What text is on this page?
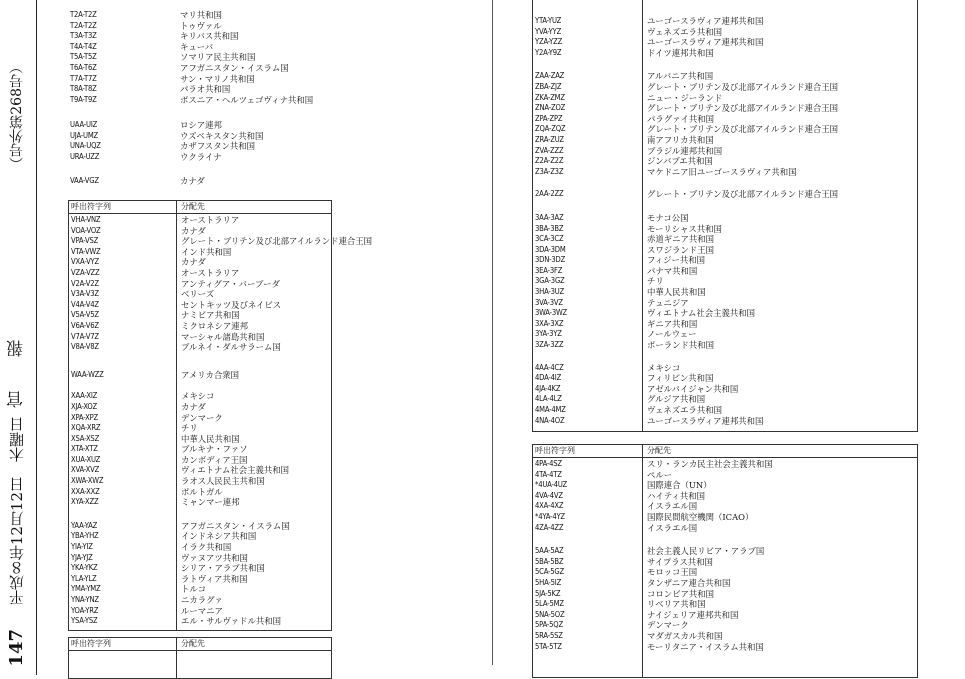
（号外第268号）
官　　報
平成８年12月12日　木曜日
147
T2A-T2Z	マリ共和国
T2A-T2Z	トゥヴァル
T3A-T3Z	キリバス共和国
T4A-T4Z	キューバ
T5A-T5Z	ソマリア民主共和国
T6A-T6Z	アフガニスタン・イスラム国
T7A-T7Z	サン・マリノ共和国
T8A-T8Z	パラオ共和国
T9A-T9Z	ボスニア・ヘルツェゴヴィナ共和国
UAA-UIZ	ロシア連邦
UJA-UMZ	ウズベキスタン共和国
UNA-UQZ	カザフスタン共和国
URA-UZZ	ウクライナ
VAA-VGZ	カナダ
呼出符字列	分配先
VHA-VNZ	オーストラリア
VOA-VOZ	カナダ
VPA-VSZ	グレート・ブリテン及び北部アイルランド連合王国
VTA-VWZ	インド共和国
VXA-VYZ	カナダ
VZA-VZZ	オーストラリア
V2A-V2Z	アンティグア・バーブーダ
V3A-V3Z	ベリーズ
V4A-V4Z	セントキッツ及びネイビス
V5A-V5Z	ナミビア共和国
V6A-V6Z	ミクロネシア連邦
V7A-V7Z	マーシャル諸島共和国
V8A-V8Z	ブルネイ・ダルサラーム国
WAA-WZZ	アメリカ合衆国
XAA-XIZ	メキシコ
XJA-XOZ	カナダ
XPA-XPZ	デンマーク
XQA-XRZ	チリ
XSA-XSZ	中華人民共和国
XTA-XTZ	ブルキナ・ファソ
XUA-XUZ	カンボディア王国
XVA-XVZ	ヴィエトナム社会主義共和国
XWA-XWZ	ラオス人民民主共和国
XXA-XXZ	ポルトガル
XYA-XZZ	ミャンマー連邦
YAA-YAZ	アフガニスタン・イスラム国
YBA-YHZ	インドネシア共和国
YIA-YIZ	イラク共和国
YJA-YJZ	ヴァヌアツ共和国
YKA-YKZ	シリア・アラブ共和国
YLA-YLZ	ラトヴィア共和国
YMA-YMZ	トルコ
YNA-YNZ	ニカラグァ
YOA-YRZ	ルーマニア
YSA-YSZ	エル・サルヴァドル共和国
呼出符字列	分配先
YTA-YUZ	ユーゴースラヴィア連邦共和国
YVA-YYZ	ヴェネズエラ共和国
YZA-YZZ	ユーゴースラヴィア連邦共和国
Y2A-Y9Z	ドイツ連邦共和国
ZAA-ZAZ	アルバニア共和国
ZBA-ZJZ	グレート・ブリテン及び北部アイルランド連合王国
ZKA-ZMZ	ニュー・ジーランド
ZNA-ZOZ	グレート・ブリテン及び北部アイルランド連合王国
ZPA-ZPZ	パラグァイ共和国
ZQA-ZQZ	グレート・ブリテン及び北部アイルランド連合王国
ZRA-ZUZ	南アフリカ共和国
ZVA-ZZZ	ブラジル連邦共和国
Z2A-Z2Z	ジンバブエ共和国
Z3A-Z3Z	マケドニア旧ユーゴースラヴィア共和国
2AA-2ZZ	グレート・ブリテン及び北部アイルランド連合王国
3AA-3AZ	モナコ公国
3BA-3BZ	モーリシャス共和国
3CA-3CZ	赤道ギニア共和国
3DA-3DM	スワジランド王国
3DN-3DZ	フィジー共和国
3EA-3FZ	パナマ共和国
3GA-3GZ	チリ
3HA-3UZ	中華人民共和国
3VA-3VZ	テュニジア
3WA-3WZ	ヴィエトナム社会主義共和国
3XA-3XZ	ギニア共和国
3YA-3YZ	ノールウェー
3ZA-3ZZ	ポーランド共和国
4AA-4CZ	メキシコ
4DA-4IZ	フィリピン共和国
4JA-4KZ	アゼルバイジャン共和国
4LA-4LZ	グルジア共和国
4MA-4MZ	ヴェネズエラ共和国
4NA-4OZ	ユーゴースラヴィア連邦共和国
呼出符字列	分配先
4PA-4SZ	スリ・ランカ民主社会主義共和国
4TA-4TZ	ペルー
*4UA-4UZ	国際連合（UN）
4VA-4VZ	ハイティ共和国
4XA-4XZ	イスラエル国
*4YA-4YZ	国際民間航空機関（ICAO）
4ZA-4ZZ	イスラエル国
5AA-5AZ	社会主義人民リビア・アラブ国
5BA-5BZ	サイプラス共和国
5CA-5GZ	モロッコ王国
5HA-5IZ	タンザニア連合共和国
5JA-5KZ	コロンビア共和国
5LA-5MZ	リベリア共和国
5NA-5OZ	ナイジェリア連邦共和国
5PA-5QZ	デンマーク
5RA-5SZ	マダガスカル共和国
5TA-5TZ	モーリタニア・イスラム共和国
